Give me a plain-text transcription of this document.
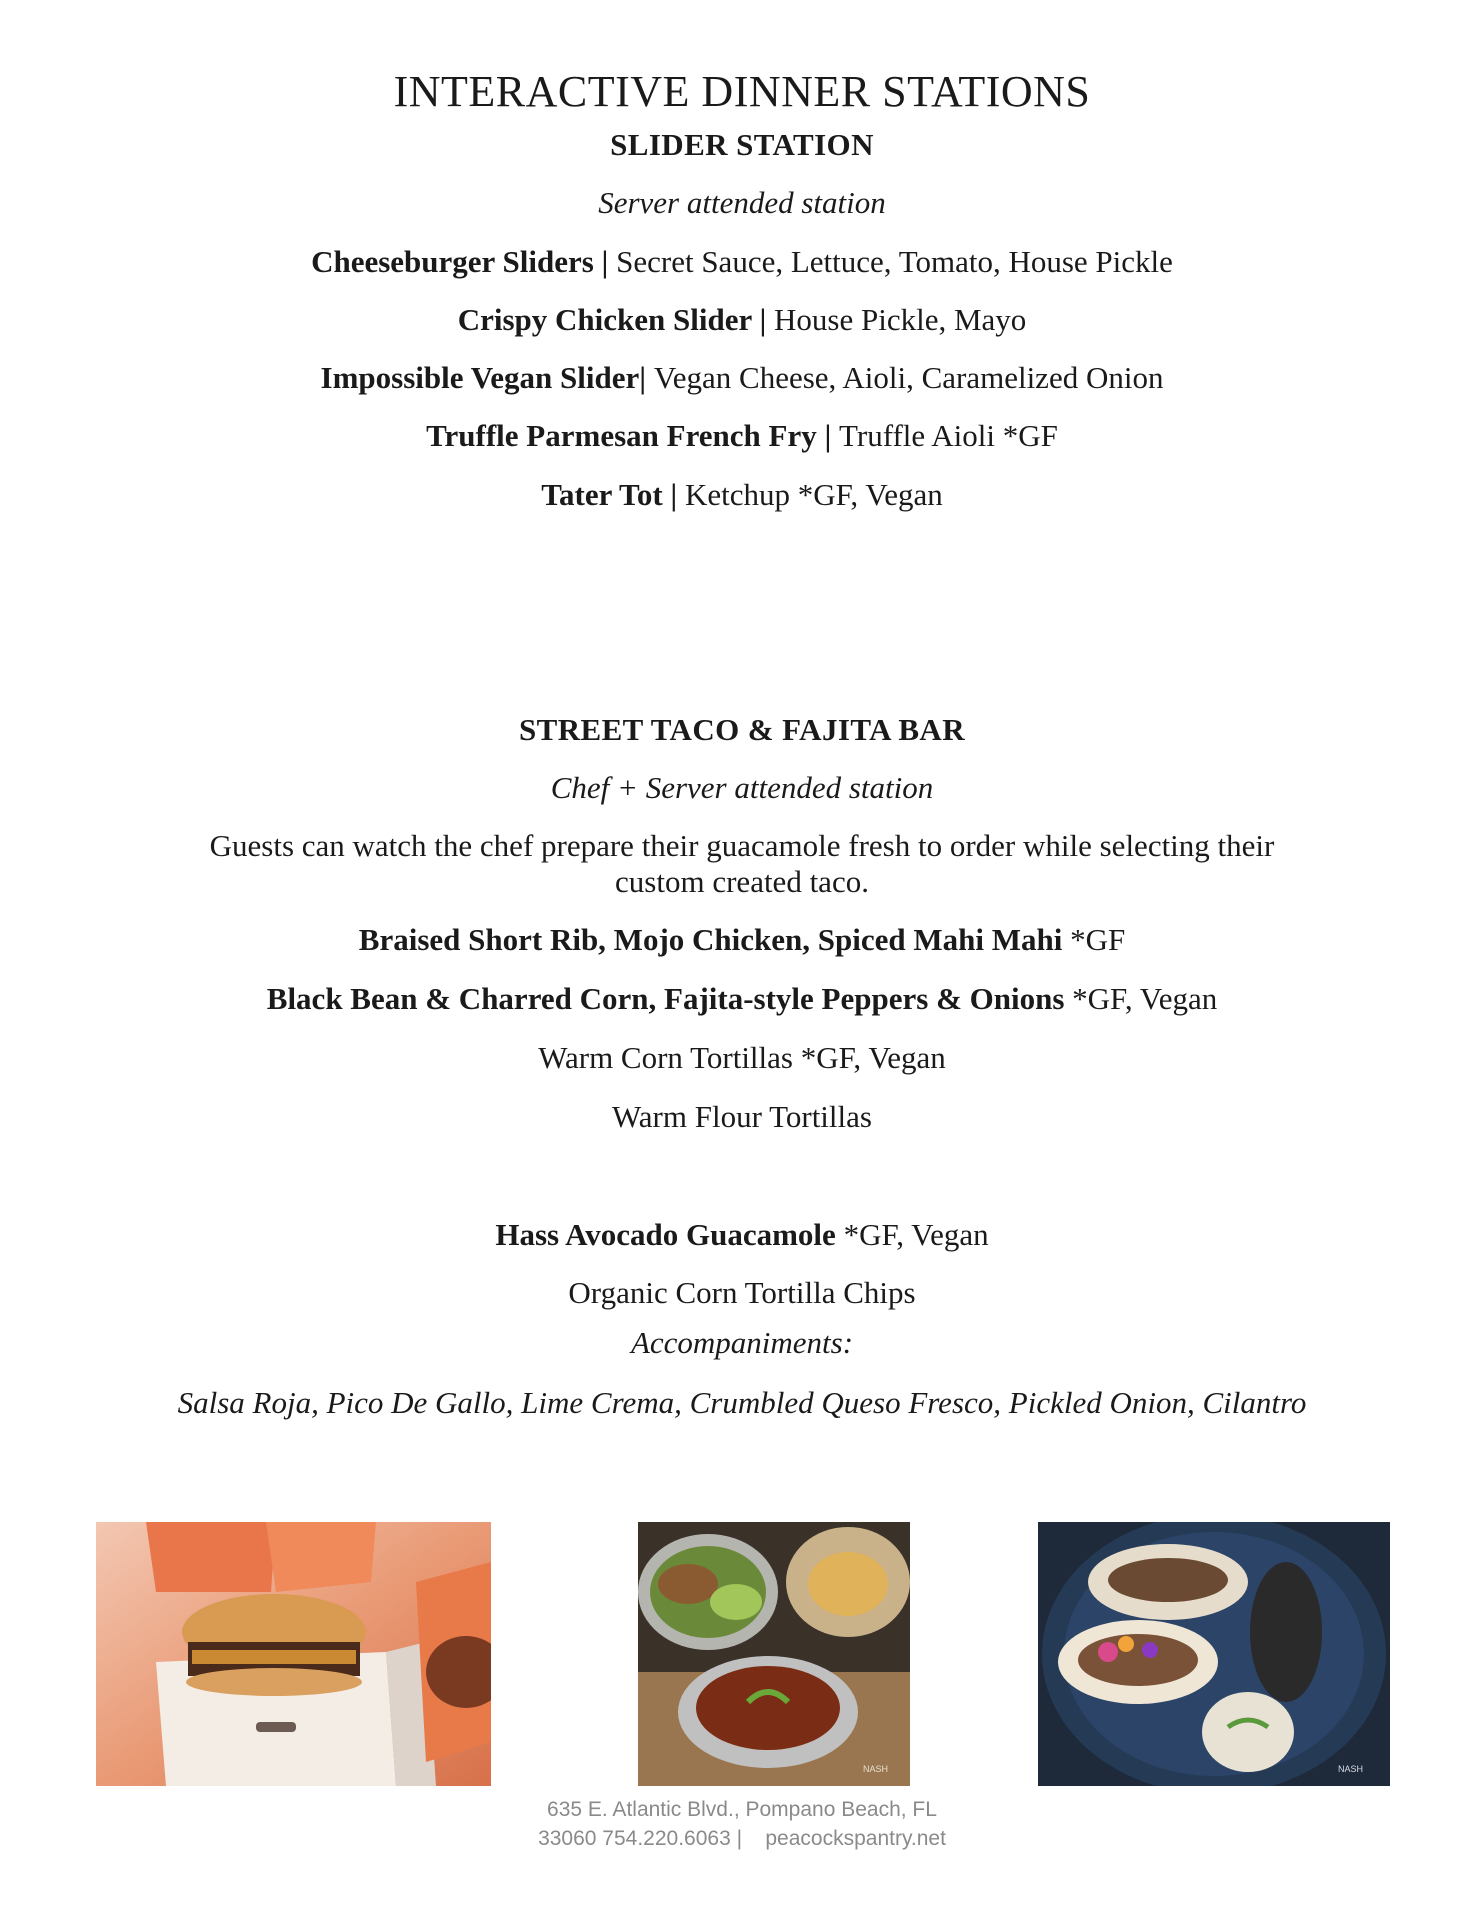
INTERACTIVE DINNER STATIONS
SLIDER STATION
Server attended station
Cheeseburger Sliders | Secret Sauce, Lettuce, Tomato, House Pickle
Crispy Chicken Slider | House Pickle, Mayo
Impossible Vegan Slider| Vegan Cheese, Aioli, Caramelized Onion
Truffle Parmesan French Fry | Truffle Aioli *GF
Tater Tot | Ketchup *GF, Vegan
STREET TACO & FAJITA BAR
Chef + Server attended station
Guests can watch the chef prepare their guacamole fresh to order while selecting their custom created taco.
Braised Short Rib, Mojo Chicken, Spiced Mahi Mahi *GF
Black Bean & Charred Corn, Fajita-style Peppers & Onions *GF, Vegan
Warm Corn Tortillas *GF, Vegan
Warm Flour Tortillas
Hass Avocado Guacamole *GF, Vegan
Organic Corn Tortilla Chips
Accompaniments:
Salsa Roja, Pico De Gallo, Lime Crema, Crumbled Queso Fresco, Pickled Onion, Cilantro
NASH	NASH
635 E. Atlantic Blvd., Pompano Beach, FL
33060 754.220.6063 |    peacockspantry.net
